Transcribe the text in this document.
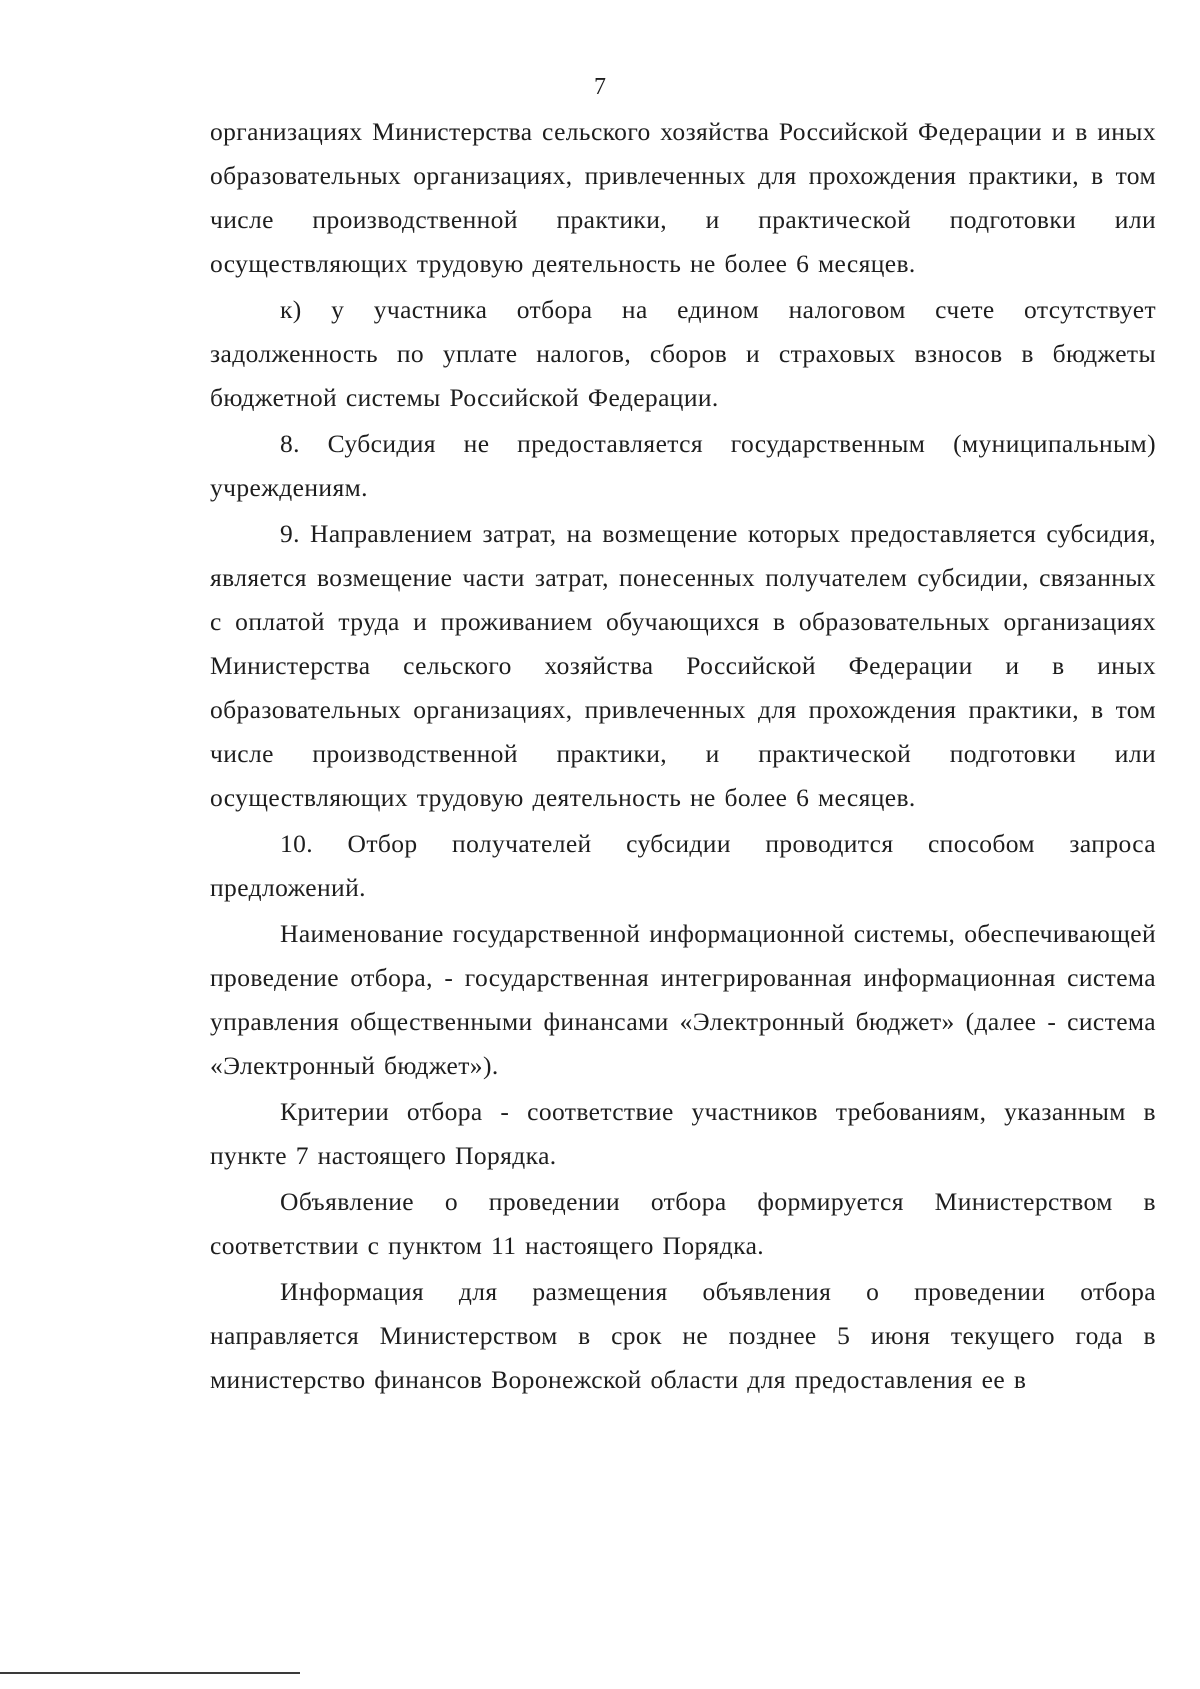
7

организациях Министерства сельского хозяйства Российской Федерации и в иных образовательных организациях, привлеченных для прохождения практики, в том числе производственной практики, и практической подготовки или осуществляющих трудовую деятельность не более 6 месяцев.

к) у участника отбора на едином налоговом счете отсутствует задолженность по уплате налогов, сборов и страховых взносов в бюджеты бюджетной системы Российской Федерации.

8. Субсидия не предоставляется государственным (муниципальным) учреждениям.

9. Направлением затрат, на возмещение которых предоставляется субсидия, является возмещение части затрат, понесенных получателем субсидии, связанных с оплатой труда и проживанием обучающихся в образовательных организациях Министерства сельского хозяйства Российской Федерации и в иных образовательных организациях, привлеченных для прохождения практики, в том числе производственной практики, и практической подготовки или осуществляющих трудовую деятельность не более 6 месяцев.

10. Отбор получателей субсидии проводится способом запроса предложений.

Наименование государственной информационной системы, обеспечивающей проведение отбора, - государственная интегрированная информационная система управления общественными финансами «Электронный бюджет» (далее - система «Электронный бюджет»).

Критерии отбора - соответствие участников требованиям, указанным в пункте 7 настоящего Порядка.

Объявление о проведении отбора формируется Министерством в соответствии с пунктом 11 настоящего Порядка.

Информация для размещения объявления о проведении отбора направляется Министерством в срок не позднее 5 июня текущего года в министерство финансов Воронежской области для предоставления ее в
